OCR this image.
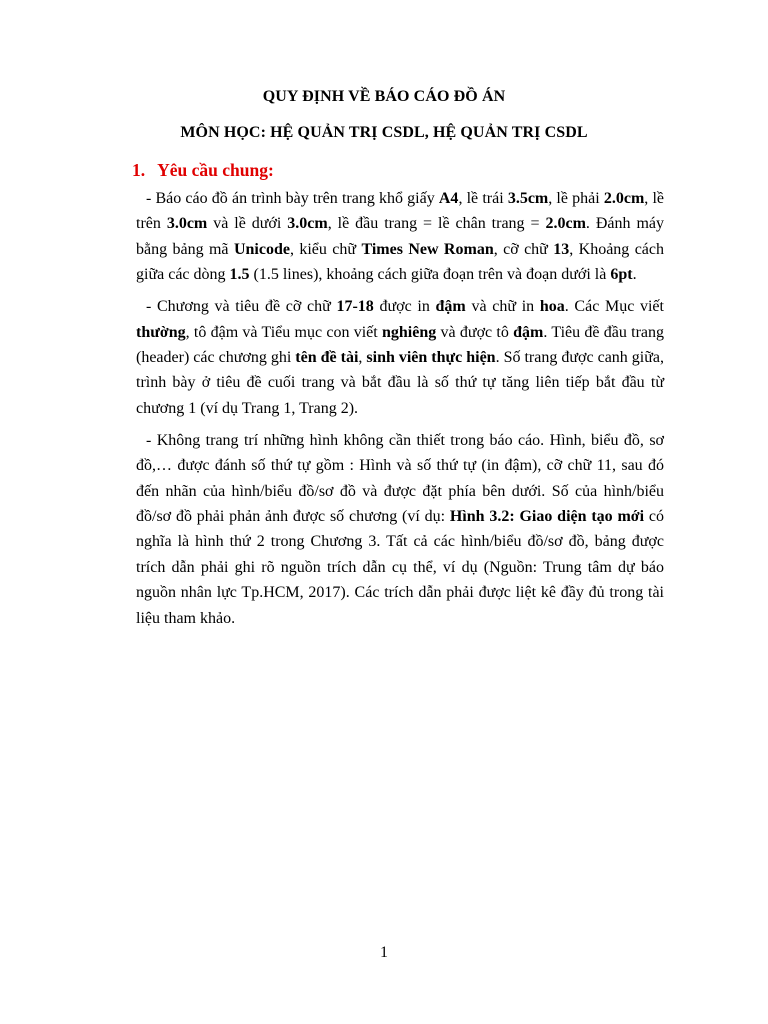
QUY ĐỊNH VỀ BÁO CÁO ĐỒ ÁN
MÔN HỌC: HỆ QUẢN TRỊ CSDL, HỆ QUẢN TRỊ CSDL
1. Yêu cầu chung:

- Báo cáo đồ án trình bày trên trang khổ giấy A4, lề trái 3.5cm, lề phải 2.0cm, lề trên 3.0cm và lề dưới 3.0cm, lề đầu trang = lề chân trang = 2.0cm. Đánh máy bằng bảng mã Unicode, kiểu chữ Times New Roman, cỡ chữ 13, Khoảng cách giữa các dòng 1.5 (1.5 lines), khoảng cách giữa đoạn trên và đoạn dưới là 6pt.

- Chương và tiêu đề cỡ chữ 17-18 được in đậm và chữ in hoa. Các Mục viết thường, tô đậm và Tiểu mục con viết nghiêng và được tô đậm. Tiêu đề đầu trang (header) các chương ghi tên đề tài, sinh viên thực hiện. Số trang được canh giữa, trình bày ở tiêu đề cuối trang và bắt đầu là số thứ tự tăng liên tiếp bắt đầu từ chương 1 (ví dụ Trang 1, Trang 2).

- Không trang trí những hình không cần thiết trong báo cáo. Hình, biểu đồ, sơ đồ,… được đánh số thứ tự gồm : Hình và số thứ tự (in đậm), cỡ chữ 11, sau đó đến nhãn của hình/biểu đồ/sơ đồ và được đặt phía bên dưới. Số của hình/biểu đồ/sơ đồ phải phản ảnh được số chương (ví dụ: Hình 3.2: Giao diện tạo mới có nghĩa là hình thứ 2 trong Chương 3. Tất cả các hình/biểu đồ/sơ đồ, bảng được trích dẫn phải ghi rõ nguồn trích dẫn cụ thể, ví dụ (Nguồn: Trung tâm dự báo nguồn nhân lực Tp.HCM, 2017). Các trích dẫn phải được liệt kê đầy đủ trong tài liệu tham khảo.

1
